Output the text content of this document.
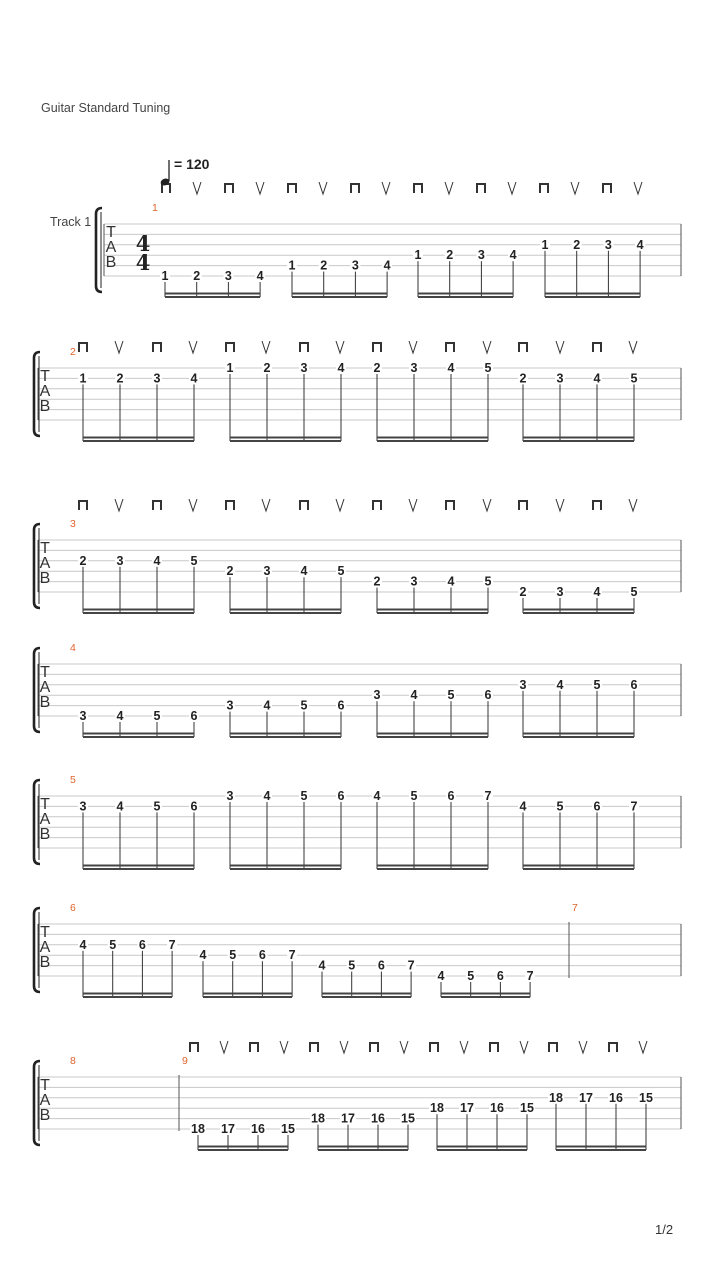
Guitar Standard Tuning
Track 1
= 120
1/2
T
A
B
4
4
1
1 2 3 4
1 2 3 4
1 2 3 4
1 2 3 4
T
A
B
2
1 2 3 4
1 2 3 4 2 3 4 5
2 3 4 5
T
A
B
3
2 3 4 5
2 3 4 5
2 3 4 5
2 3 4 5
T
A
B
4
3 4 5 6
3 4 5 6
3 4 5 6
3 4 5 6
T
A
B
5
3 4 5 6
3 4 5 6 4 5 6 7
4 5 6 7
T
A
B
6
4 5 6 7
4 5 6 7
4 5 6 7
4 5 6 7
7
T
A
B
8	9
18 17 16 15
18 17 16 15
18 17 16 15
18 17 16 15
